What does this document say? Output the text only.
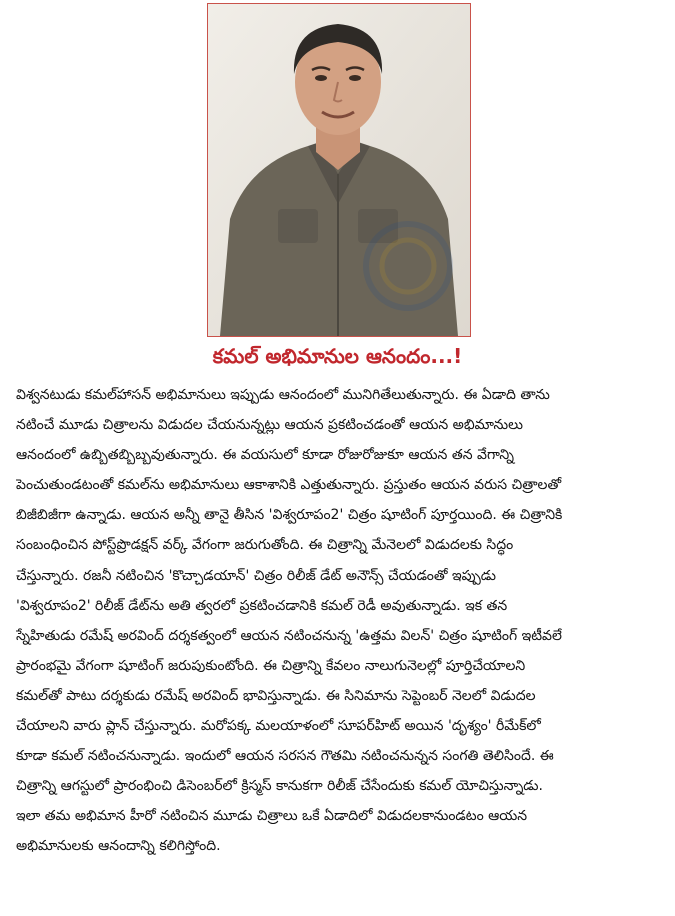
కమల్ అభిమానుల ఆనందం...!
విశ్వనటుడు కమల్‌హాసన్ అభిమానులు ఇప్పుడు ఆనందంలో మునిగితేలుతున్నారు. ఈ ఏడాది తాను
నటించే మూడు చిత్రాలను విడుదల చేయనున్నట్లు ఆయన ప్రకటించడంతో ఆయన అభిమానులు
ఆనందంలో ఉబ్బితబ్బిబ్బవుతున్నారు. ఈ వయసులో కూడా రోజురోజుకూ ఆయన తన వేగాన్ని
పెంచుతుండటంతో కమల్‌ను అభిమానులు ఆకాశానికి ఎత్తుతున్నారు. ప్రస్తుతం ఆయన వరుస చిత్రాలతో
బిజీబిజీగా ఉన్నాడు. ఆయన అన్నీ తానై తీసిన 'విశ్వరూపం2' చిత్రం షూటింగ్ పూర్తయింది. ఈ చిత్రానికి
సంబంధించిన పోస్ట్‌ప్రొడక్షన్ వర్క్ వేగంగా జరుగుతోంది. ఈ చిత్రాన్ని మేనెలలో విడుదలకు సిద్ధం
చేస్తున్నారు. రజనీ నటించిన 'కొచ్చాడయాన్' చిత్రం రిలీజ్ డేట్ అనౌన్స్ చేయడంతో ఇప్పుడు
'విశ్వరూపం2' రిలీజ్ డేట్‌ను అతి త్వరలో ప్రకటించడానికి కమల్ రెడీ అవుతున్నాడు. ఇక తన
స్నేహితుడు రమేష్ అరవింద్ దర్శకత్వంలో ఆయన నటించనున్న 'ఉత్తమ విలన్' చిత్రం షూటింగ్ ఇటీవలే
ప్రారంభమై వేగంగా షూటింగ్ జరుపుకుంటోంది. ఈ చిత్రాన్ని కేవలం నాలుగునెలల్లో పూర్తిచేయాలని
కమల్‌తో పాటు దర్శకుడు రమేష్ అరవింద్ భావిస్తున్నాడు. ఈ సినిమాను సెప్టెంబర్ నెలలో విడుదల
చేయాలని వారు ప్లాన్ చేస్తున్నారు. మరోపక్క మలయాళంలో సూపర్‌హిట్ అయిన 'దృశ్యం' రీమేక్‌లో
కూడా కమల్ నటించనున్నాడు. ఇందులో ఆయన సరసన గౌతమి నటించనున్నన సంగతి తెలిసిందే. ఈ
చిత్రాన్ని ఆగస్టులో ప్రారంభించి డిసెంబర్‌లో క్రిస్మస్ కానుకగా రిలీజ్ చేసేందుకు కమల్ యోచిస్తున్నాడు.
ఇలా తమ అభిమాన హీరో నటించిన మూడు చిత్రాలు ఒకే ఏడాదిలో విడుదలకానుండటం ఆయన
అభిమానులకు ఆనందాన్ని కలిగిస్తోంది.
